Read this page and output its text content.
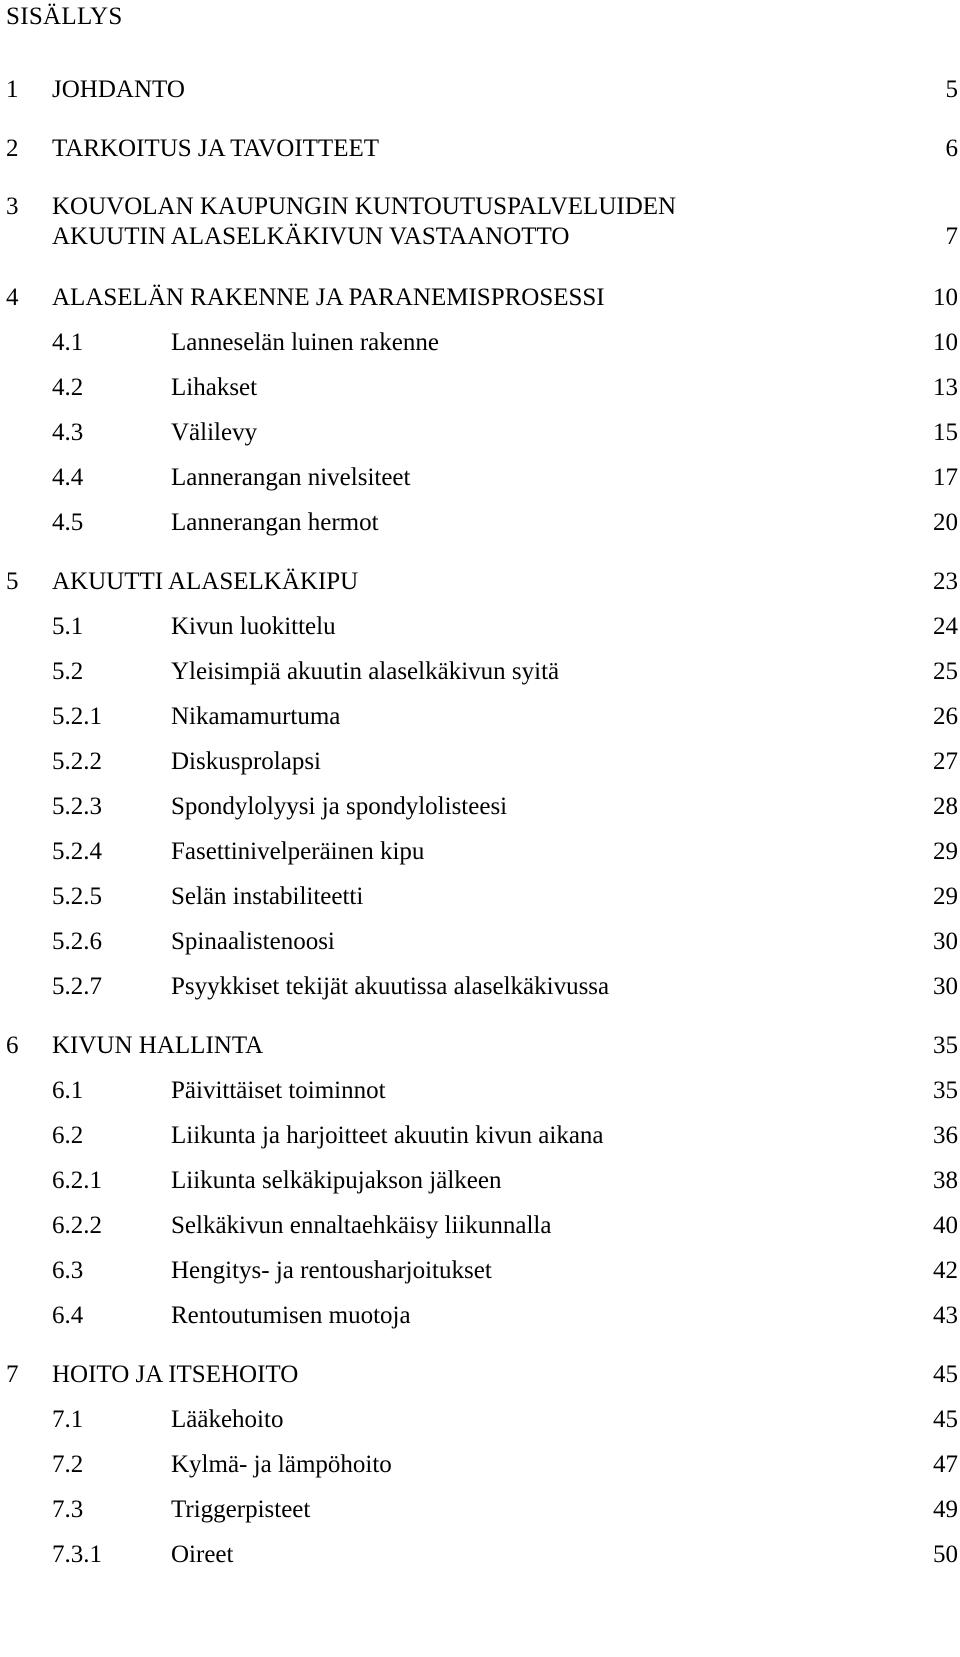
SISÄLLYS
1 JOHDANTO	5
2 TARKOITUS JA TAVOITTEET	6
3 KOUVOLAN KAUPUNGIN KUNTOUTUSPALVELUIDEN
AKUUTIN ALASELKÄKIVUN VASTAANOTTO	7
4 ALASELÄN RAKENNE JA PARANEMISPROSESSI	10
4.1	Lanneselän luinen rakenne	10
4.2	Lihakset	13
4.3	Välilevy	15
4.4	Lannerangan nivelsiteet	17
4.5	Lannerangan hermot	20
5 AKUUTTI ALASELKÄKIPU	23
5.1	Kivun luokittelu	24
5.2	Yleisimpiä akuutin alaselkäkivun syitä	25
5.2.1	Nikamamurtuma	26
5.2.2	Diskusprolapsi	27
5.2.3	Spondylolyysi ja spondylolisteesi	28
5.2.4	Fasettinivelperäinen kipu	29
5.2.5	Selän instabiliteetti	29
5.2.6	Spinaalistenoosi	30
5.2.7	Psyykkiset tekijät akuutissa alaselkäkivussa	30
6 KIVUN HALLINTA	35
6.1	Päivittäiset toiminnot	35
6.2	Liikunta ja harjoitteet akuutin kivun aikana	36
6.2.1	Liikunta selkäkipujakson jälkeen	38
6.2.2	Selkäkivun ennaltaehkäisy liikunnalla	40
6.3	Hengitys- ja rentousharjoitukset	42
6.4	Rentoutumisen muotoja	43
7 HOITO JA ITSEHOITO	45
7.1	Lääkehoito	45
7.2	Kylmä- ja lämpöhoito	47
7.3	Triggerpisteet	49
7.3.1	Oireet	50
